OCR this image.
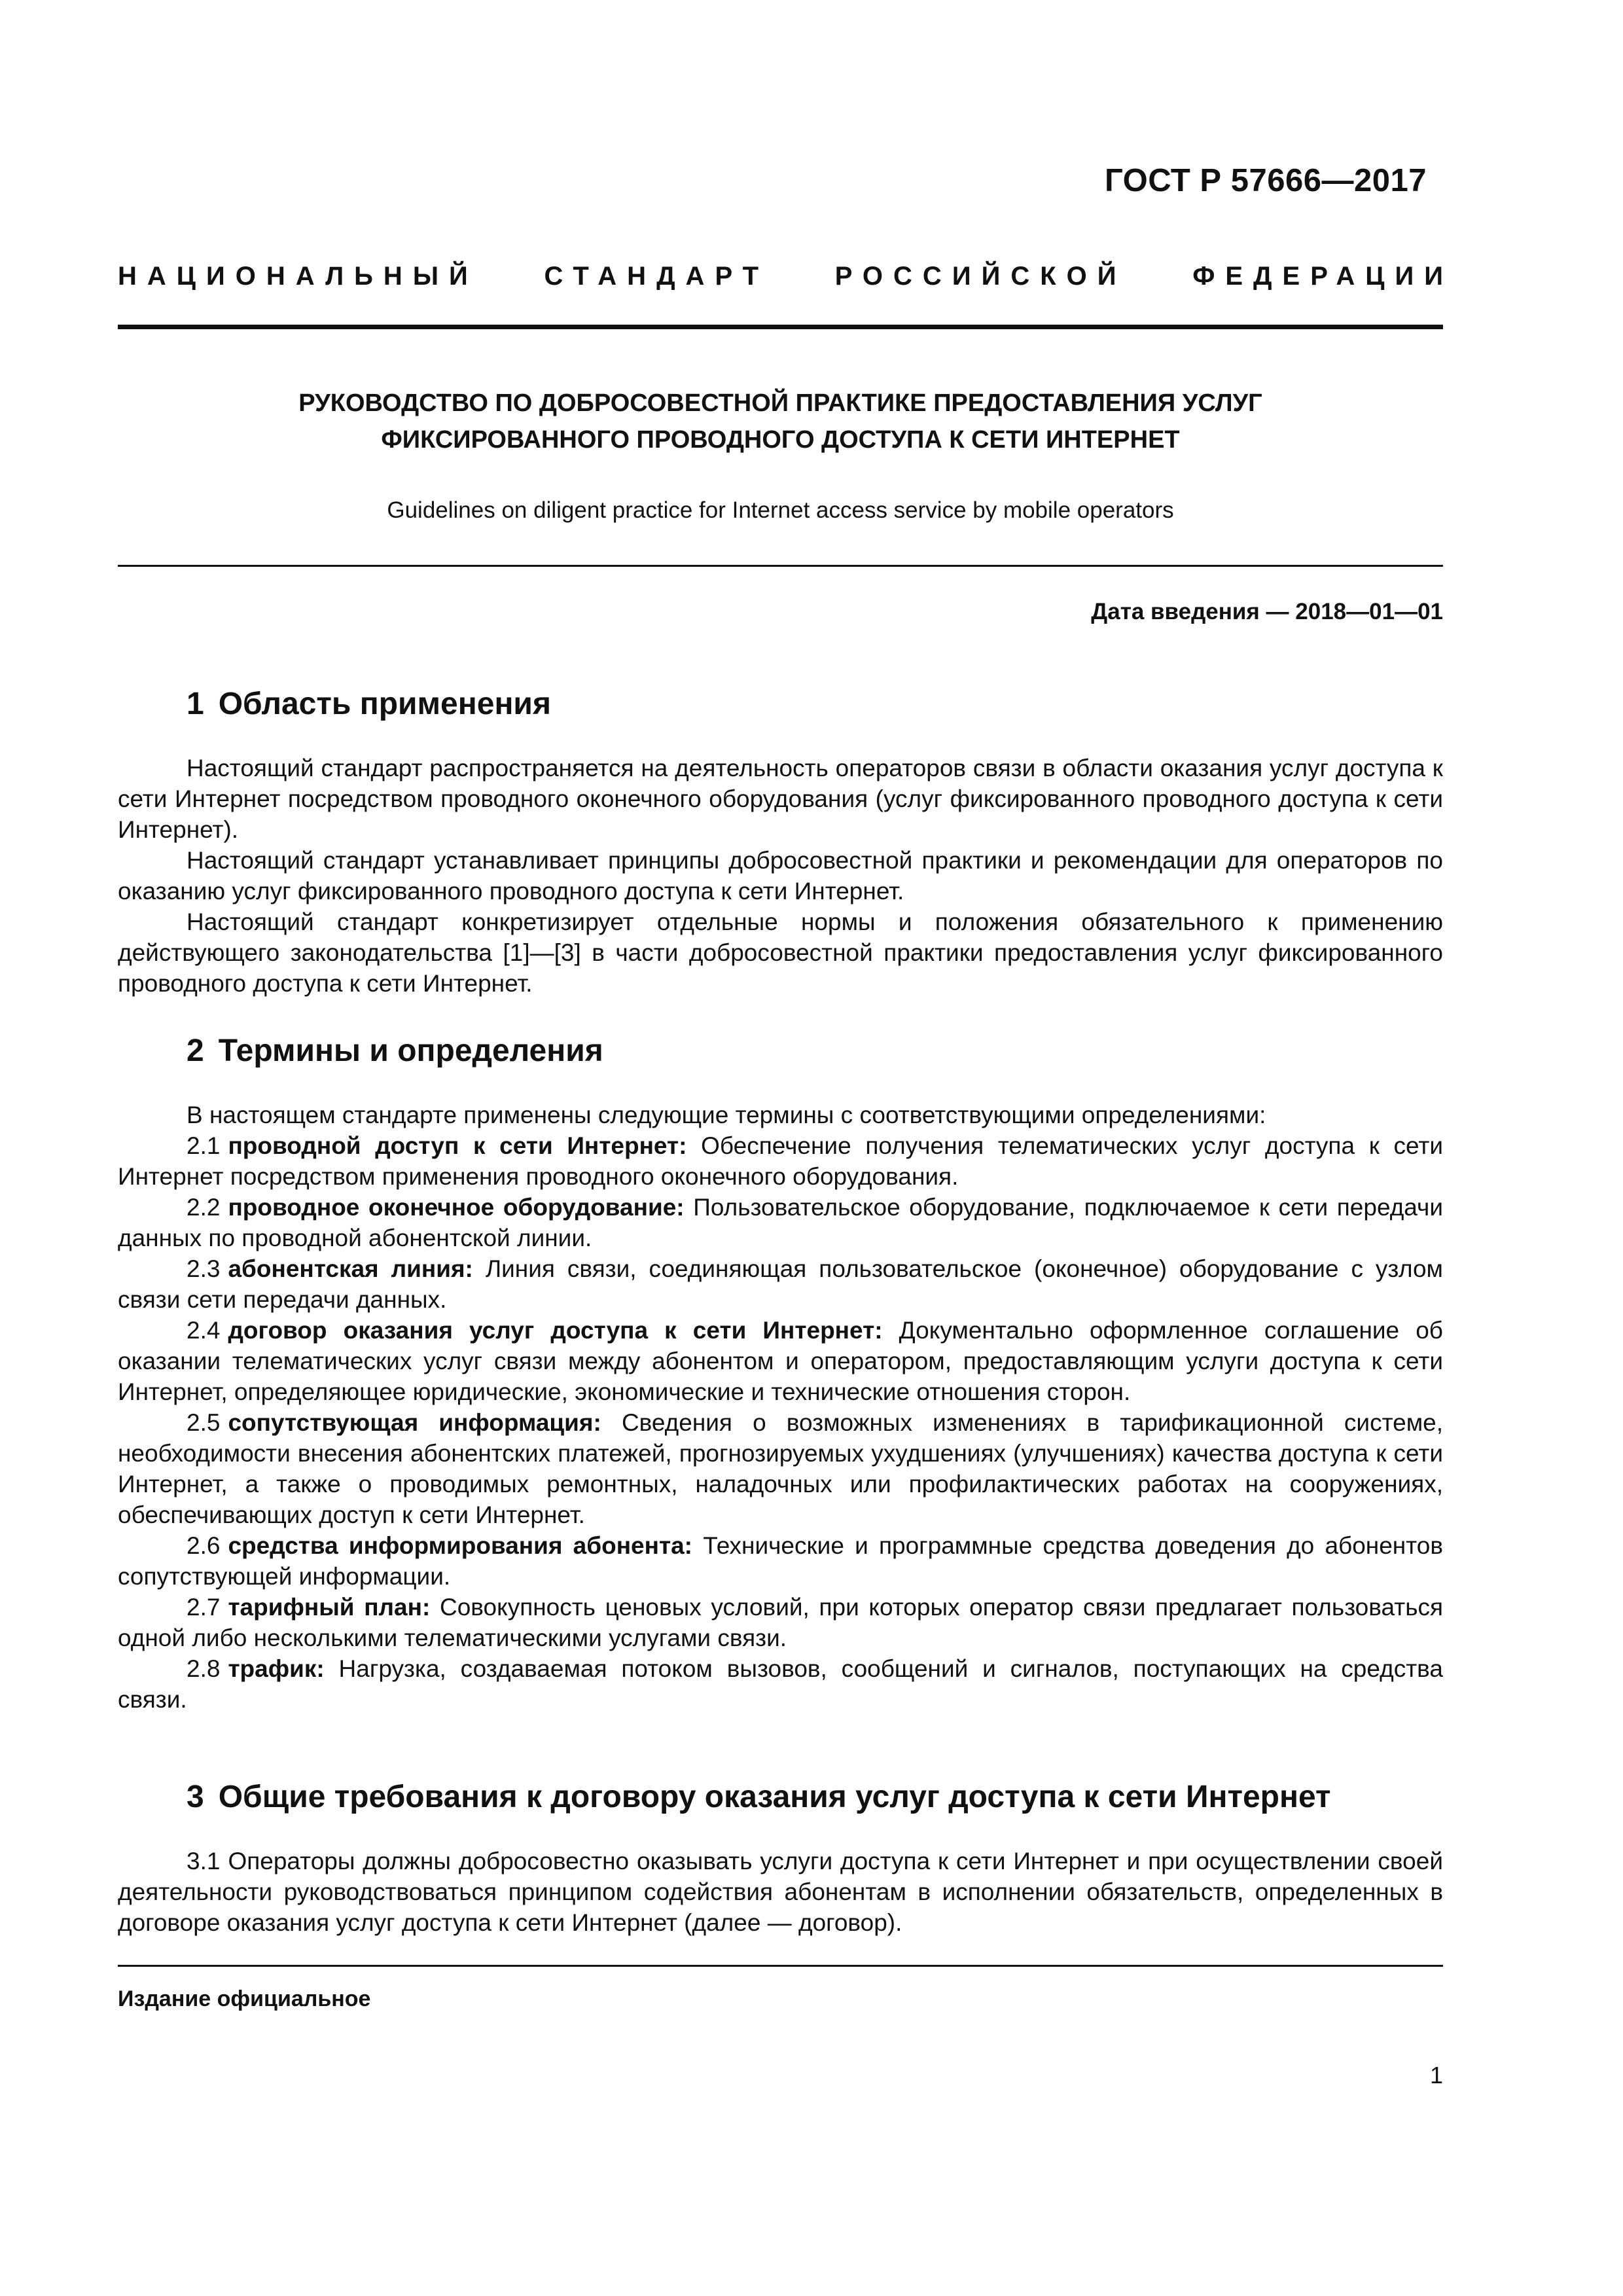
ГОСТ Р 57666—2017
НАЦИОНАЛЬНЫЙ	СТАНДАРТ	РОССИЙСКОЙ	ФЕДЕРАЦИИ
РУКОВОДСТВО ПО ДОБРОСОВЕСТНОЙ ПРАКТИКЕ ПРЕДОСТАВЛЕНИЯ УСЛУГ
ФИКСИРОВАННОГО ПРОВОДНОГО ДОСТУПА К СЕТИ ИНТЕРНЕТ
Guidelines on diligent practice for Internet access service by mobile operators
Дата введения — 2018—01—01
1 Область применения
Настоящий стандарт распространяется на деятельность операторов связи в области оказания услуг доступа к сети Интернет посредством проводного оконечного оборудования (услуг фиксированного проводного доступа к сети Интернет).
Настоящий стандарт устанавливает принципы добросовестной практики и рекомендации для операторов по оказанию услуг фиксированного проводного доступа к сети Интернет.
Настоящий стандарт конкретизирует отдельные нормы и положения обязательного к применению действующего законодательства [1]—[3] в части добросовестной практики предоставления услуг фиксированного проводного доступа к сети Интернет.
2 Термины и определения
В настоящем стандарте применены следующие термины с соответствующими определениями:
2.1 проводной доступ к сети Интернет: Обеспечение получения телематических услуг доступа к сети Интернет посредством применения проводного оконечного оборудования.
2.2 проводное оконечное оборудование: Пользовательское оборудование, подключаемое к сети передачи данных по проводной абонентской линии.
2.3 абонентская линия: Линия связи, соединяющая пользовательское (оконечное) оборудование с узлом связи сети передачи данных.
2.4 договор оказания услуг доступа к сети Интернет: Документально оформленное соглашение об оказании телематических услуг связи между абонентом и оператором, предоставляющим услуги доступа к сети Интернет, определяющее юридические, экономические и технические отношения сторон.
2.5 сопутствующая информация: Сведения о возможных изменениях в тарификационной системе, необходимости внесения абонентских платежей, прогнозируемых ухудшениях (улучшениях) качества доступа к сети Интернет, а также о проводимых ремонтных, наладочных или профилактических работах на сооружениях, обеспечивающих доступ к сети Интернет.
2.6 средства информирования абонента: Технические и программные средства доведения до абонентов сопутствующей информации.
2.7 тарифный план: Совокупность ценовых условий, при которых оператор связи предлагает пользоваться одной либо несколькими телематическими услугами связи.
2.8 трафик: Нагрузка, создаваемая потоком вызовов, сообщений и сигналов, поступающих на средства связи.
3 Общие требования к договору оказания услуг доступа к сети Интернет
3.1 Операторы должны добросовестно оказывать услуги доступа к сети Интернет и при осуществлении своей деятельности руководствоваться принципом содействия абонентам в исполнении обязательств, определенных в договоре оказания услуг доступа к сети Интернет (далее — договор).
Издание официальное
1
